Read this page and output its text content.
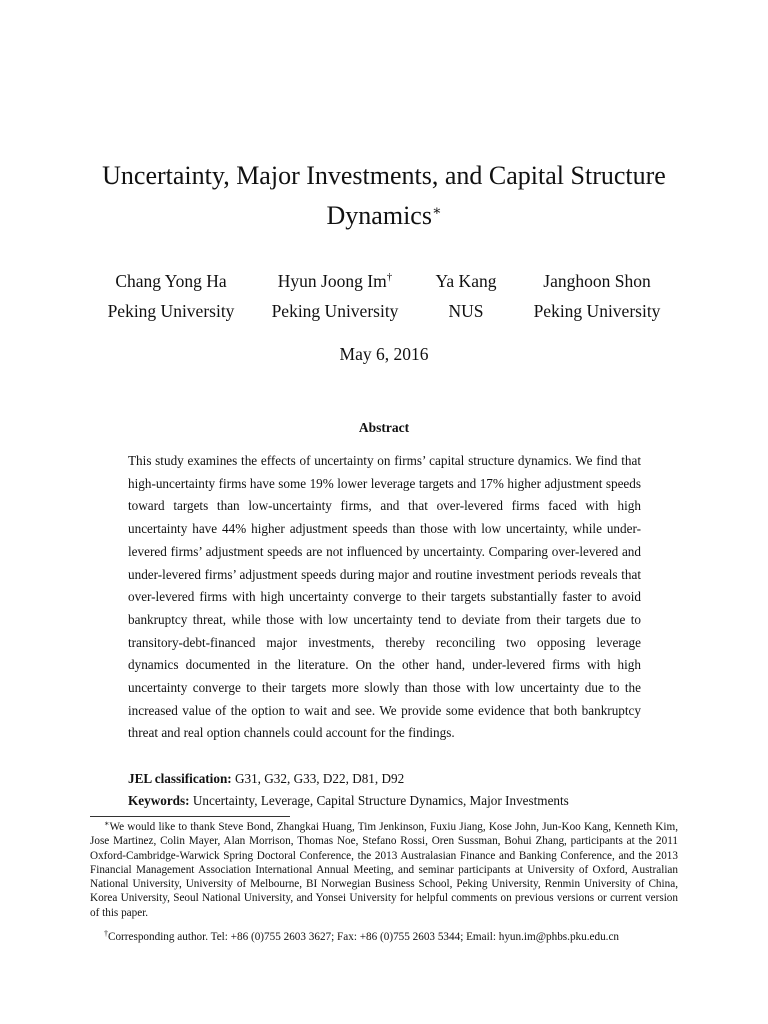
Uncertainty, Major Investments, and Capital Structure Dynamics∗
Chang Yong Ha
Peking University
Hyun Joong Im†
Peking University
Ya Kang
NUS
Janghoon Shon
Peking University
May 6, 2016
Abstract

This study examines the effects of uncertainty on firms’ capital structure dynamics. We find that high-uncertainty firms have some 19% lower leverage targets and 17% higher adjustment speeds toward targets than low-uncertainty firms, and that over-levered firms faced with high uncertainty have 44% higher adjustment speeds than those with low uncertainty, while under-levered firms’ adjustment speeds are not influenced by uncertainty. Comparing over-levered and under-levered firms’ adjustment speeds during major and routine investment periods reveals that over-levered firms with high uncertainty converge to their targets substantially faster to avoid bankruptcy threat, while those with low uncertainty tend to deviate from their targets due to transitory-debt-financed major investments, thereby reconciling two opposing leverage dynamics documented in the literature. On the other hand, under-levered firms with high uncertainty converge to their targets more slowly than those with low uncertainty due to the increased value of the option to wait and see. We provide some evidence that both bankruptcy threat and real option channels could account for the findings.

JEL classification: G31, G32, G33, D22, D81, D92
Keywords: Uncertainty, Leverage, Capital Structure Dynamics, Major Investments

∗We would like to thank Steve Bond, Zhangkai Huang, Tim Jenkinson, Fuxiu Jiang, Kose John, Jun-Koo Kang, Kenneth Kim, Jose Martinez, Colin Mayer, Alan Morrison, Thomas Noe, Stefano Rossi, Oren Sussman, Bohui Zhang, participants at the 2011 Oxford-Cambridge-Warwick Spring Doctoral Conference, the 2013 Australasian Finance and Banking Conference, and the 2013 Financial Management Association International Annual Meeting, and seminar participants at University of Oxford, Australian National University, University of Melbourne, BI Norwegian Business School, Peking University, Renmin University of China, Korea University, Seoul National University, and Yonsei University for helpful comments on previous versions or current version of this paper.

†Corresponding author. Tel: +86 (0)755 2603 3627; Fax: +86 (0)755 2603 5344; Email: hyun.im@phbs.pku.edu.cn
